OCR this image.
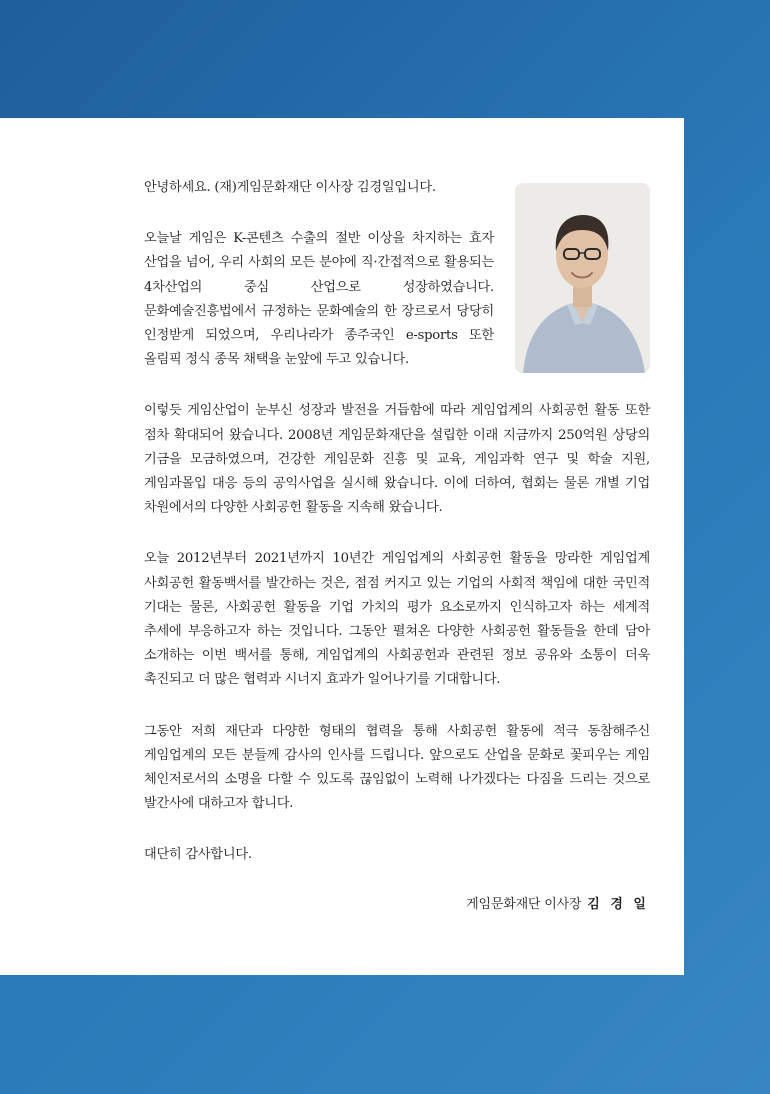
안녕하세요. (재)게임문화재단 이사장 김경일입니다.

오늘날 게임은 K-콘텐츠 수출의 절반 이상을 차지하는 효자 산업을 넘어, 우리 사회의 모든 분야에 직·간접적으로 활용되는 4차산업의 중심 산업으로 성장하였습니다. 문화예술진흥법에서 규정하는 문화예술의 한 장르로서 당당히 인정받게 되었으며, 우리나라가 종주국인 e-sports 또한 올림픽 정식 종목 채택을 눈앞에 두고 있습니다.

이렇듯 게임산업이 눈부신 성장과 발전을 거듭함에 따라 게임업계의 사회공헌 활동 또한 점차 확대되어 왔습니다. 2008년 게임문화재단을 설립한 이래 지금까지 250억원 상당의 기금을 모금하였으며, 건강한 게임문화 진흥 및 교육, 게임과학 연구 및 학술 지원, 게임과몰입 대응 등의 공익사업을 실시해 왔습니다. 이에 더하여, 협회는 물론 개별 기업 차원에서의 다양한 사회공헌 활동을 지속해 왔습니다.

오늘 2012년부터 2021년까지 10년간 게임업계의 사회공헌 활동을 망라한 게임업계 사회공헌 활동백서를 발간하는 것은, 점점 커지고 있는 기업의 사회적 책임에 대한 국민적 기대는 물론, 사회공헌 활동을 기업 가치의 평가 요소로까지 인식하고자 하는 세계적 추세에 부응하고자 하는 것입니다. 그동안 펼쳐온 다양한 사회공헌 활동들을 한데 담아 소개하는 이번 백서를 통해, 게임업계의 사회공헌과 관련된 정보 공유와 소통이 더욱 촉진되고 더 많은 협력과 시너지 효과가 일어나기를 기대합니다.

그동안 저희 재단과 다양한 형태의 협력을 통해 사회공헌 활동에 적극 동참해주신 게임업계의 모든 분들께 감사의 인사를 드립니다. 앞으로도 산업을 문화로 꽃피우는 게임 체인저로서의 소명을 다할 수 있도록 끊임없이 노력해 나가겠다는 다짐을 드리는 것으로 발간사에 대하고자 합니다.

대단히 감사합니다.

게임문화재단 이사장 김 경 일
